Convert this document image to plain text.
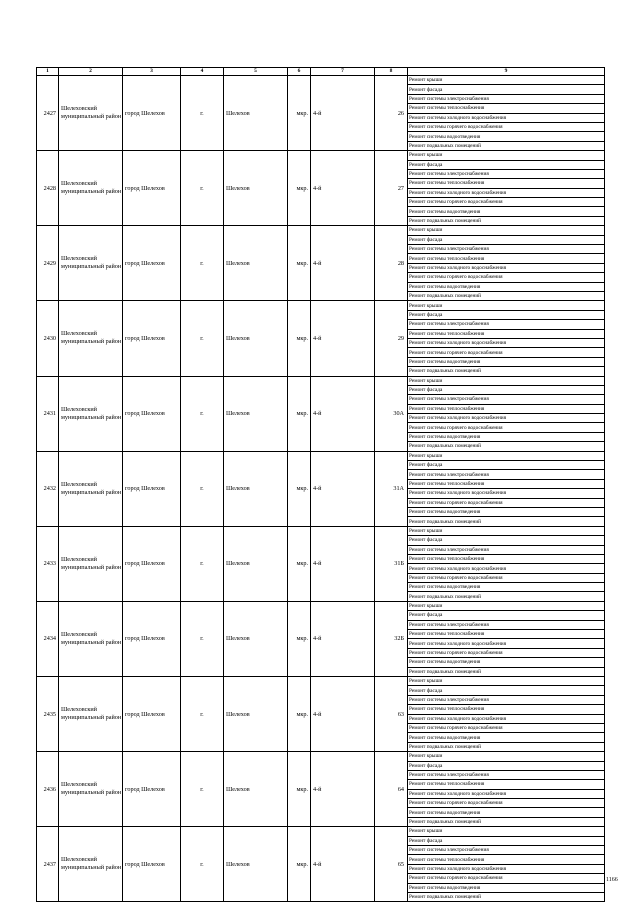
1	2	3	4	5	6	7	8	9
2427	Шелеховский муниципальный район	город Шелехов	г.	Шелехов	мкр.	4-й	26	Ремонт крыши
								Ремонт фасада
								Ремонт системы электроснабжения
								Ремонт системы теплоснабжения
								Ремонт системы холодного водоснабжения
								Ремонт системы горячего водоснабжения
								Ремонт системы водоотведения
								Ремонт подвальных помещений
2428	Шелеховский муниципальный район	город Шелехов	г.	Шелехов	мкр.	4-й	27	Ремонт крыши
								Ремонт фасада
								Ремонт системы электроснабжения
								Ремонт системы теплоснабжения
								Ремонт системы холодного водоснабжения
								Ремонт системы горячего водоснабжения
								Ремонт системы водоотведения
								Ремонт подвальных помещений
2429	Шелеховский муниципальный район	город Шелехов	г.	Шелехов	мкр.	4-й	28	Ремонт крыши
								Ремонт фасада
								Ремонт системы электроснабжения
								Ремонт системы теплоснабжения
								Ремонт системы холодного водоснабжения
								Ремонт системы горячего водоснабжения
								Ремонт системы водоотведения
								Ремонт подвальных помещений
2430	Шелеховский муниципальный район	город Шелехов	г.	Шелехов	мкр.	4-й	29	Ремонт крыши
								Ремонт фасада
								Ремонт системы электроснабжения
								Ремонт системы теплоснабжения
								Ремонт системы холодного водоснабжения
								Ремонт системы горячего водоснабжения
								Ремонт системы водоотведения
								Ремонт подвальных помещений
2431	Шелеховский муниципальный район	город Шелехов	г.	Шелехов	мкр.	4-й	30А	Ремонт крыши
								Ремонт фасада
								Ремонт системы электроснабжения
								Ремонт системы теплоснабжения
								Ремонт системы холодного водоснабжения
								Ремонт системы горячего водоснабжения
								Ремонт системы водоотведения
								Ремонт подвальных помещений
2432	Шелеховский муниципальный район	город Шелехов	г.	Шелехов	мкр.	4-й	31А	Ремонт крыши
								Ремонт фасада
								Ремонт системы электроснабжения
								Ремонт системы теплоснабжения
								Ремонт системы холодного водоснабжения
								Ремонт системы горячего водоснабжения
								Ремонт системы водоотведения
								Ремонт подвальных помещений
2433	Шелеховский муниципальный район	город Шелехов	г.	Шелехов	мкр.	4-й	31Б	Ремонт крыши
								Ремонт фасада
								Ремонт системы электроснабжения
								Ремонт системы теплоснабжения
								Ремонт системы холодного водоснабжения
								Ремонт системы горячего водоснабжения
								Ремонт системы водоотведения
								Ремонт подвальных помещений
2434	Шелеховский муниципальный район	город Шелехов	г.	Шелехов	мкр.	4-й	32Б	Ремонт крыши
								Ремонт фасада
								Ремонт системы электроснабжения
								Ремонт системы теплоснабжения
								Ремонт системы холодного водоснабжения
								Ремонт системы горячего водоснабжения
								Ремонт системы водоотведения
								Ремонт подвальных помещений
2435	Шелеховский муниципальный район	город Шелехов	г.	Шелехов	мкр.	4-й	63	Ремонт крыши
								Ремонт фасада
								Ремонт системы электроснабжения
								Ремонт системы теплоснабжения
								Ремонт системы холодного водоснабжения
								Ремонт системы горячего водоснабжения
								Ремонт системы водоотведения
								Ремонт подвальных помещений
2436	Шелеховский муниципальный район	город Шелехов	г.	Шелехов	мкр.	4-й	64	Ремонт крыши
								Ремонт фасада
								Ремонт системы электроснабжения
								Ремонт системы теплоснабжения
								Ремонт системы холодного водоснабжения
								Ремонт системы горячего водоснабжения
								Ремонт системы водоотведения
								Ремонт подвальных помещений
2437	Шелеховский муниципальный район	город Шелехов	г.	Шелехов	мкр.	4-й	65	Ремонт крыши
								Ремонт фасада
								Ремонт системы электроснабжения
								Ремонт системы теплоснабжения
								Ремонт системы холодного водоснабжения
								Ремонт системы горячего водоснабжения
								Ремонт системы водоотведения
								Ремонт подвальных помещений
1166
